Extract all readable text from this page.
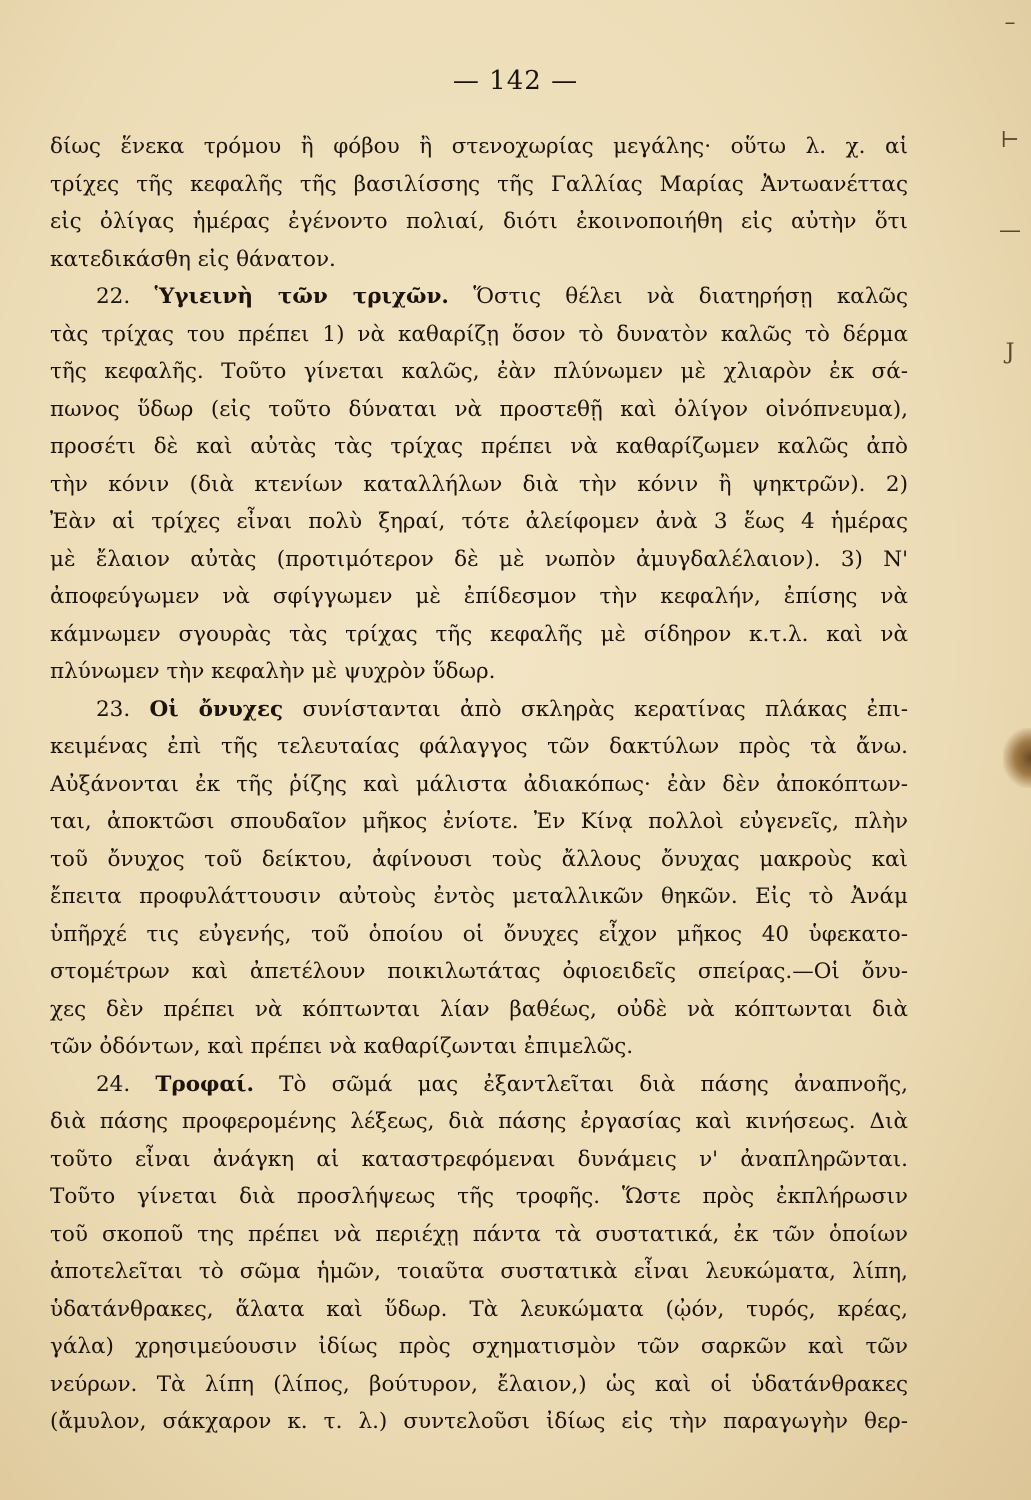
–
⊢
—
J
— 142 —
δίως ἕνεκα τρόμου ἢ φόβου ἢ στενοχωρίας μεγάλης· οὕτω λ. χ. αἱ
τρίχες τῆς κεφαλῆς τῆς βασιλίσσης τῆς Γαλλίας Μαρίας Ἀντωανέττας
εἰς ὀλίγας ἡμέρας ἐγένοντο πολιαί, διότι ἐκοινοποιήθη εἰς αὐτὴν ὅτι
κατεδικάσθη εἰς θάνατον.
22. Ὑγιεινὴ τῶν τριχῶν. Ὅστις θέλει νὰ διατηρήσῃ καλῶς
τὰς τρίχας του πρέπει 1) νὰ καθαρίζῃ ὅσον τὸ δυνατὸν καλῶς τὸ δέρμα
τῆς κεφαλῆς. Τοῦτο γίνεται καλῶς, ἐὰν πλύνωμεν μὲ χλιαρὸν ἐκ σά-
πωνος ὕδωρ (εἰς τοῦτο δύναται νὰ προστεθῇ καὶ ὀλίγον οἰνόπνευμα),
προσέτι δὲ καὶ αὐτὰς τὰς τρίχας πρέπει νὰ καθαρίζωμεν καλῶς ἀπὸ
τὴν κόνιν (διὰ κτενίων καταλλήλων διὰ τὴν κόνιν ἢ ψηκτρῶν). 2)
Ἐὰν αἱ τρίχες εἶναι πολὺ ξηραί, τότε ἀλείφομεν ἀνὰ 3 ἕως 4 ἡμέρας
μὲ ἔλαιον αὐτὰς (προτιμότερον δὲ μὲ νωπὸν ἀμυγδαλέλαιον). 3) Ν'
ἀποφεύγωμεν νὰ σφίγγωμεν μὲ ἐπίδεσμον τὴν κεφαλήν, ἐπίσης νὰ
κάμνωμεν σγουρὰς τὰς τρίχας τῆς κεφαλῆς μὲ σίδηρον κ.τ.λ. καὶ νὰ
πλύνωμεν τὴν κεφαλὴν μὲ ψυχρὸν ὕδωρ.
23. Οἱ ὄνυχες συνίστανται ἀπὸ σκληρὰς κερατίνας πλάκας ἐπι-
κειμένας ἐπὶ τῆς τελευταίας φάλαγγος τῶν δακτύλων πρὸς τὰ ἄνω.
Αὐξάνονται ἐκ τῆς ῥίζης καὶ μάλιστα ἀδιακόπως· ἐὰν δὲν ἀποκόπτων-
ται, ἀποκτῶσι σπουδαῖον μῆκος ἐνίοτε. Ἐν Κίνᾳ πολλοὶ εὐγενεῖς, πλὴν
τοῦ ὄνυχος τοῦ δείκτου, ἀφίνουσι τοὺς ἄλλους ὄνυχας μακροὺς καὶ
ἔπειτα προφυλάττουσιν αὐτοὺς ἐντὸς μεταλλικῶν θηκῶν. Εἰς τὸ Ἀνάμ
ὑπῆρχέ τις εὐγενής, τοῦ ὁποίου οἱ ὄνυχες εἶχον μῆκος 40 ὑφεκατο-
στομέτρων καὶ ἀπετέλουν ποικιλωτάτας ὀφιοειδεῖς σπείρας.—Οἱ ὄνυ-
χες δὲν πρέπει νὰ κόπτωνται λίαν βαθέως, οὐδὲ νὰ κόπτωνται διὰ
τῶν ὀδόντων, καὶ πρέπει νὰ καθαρίζωνται ἐπιμελῶς.
24. Τροφαί. Τὸ σῶμά μας ἐξαντλεῖται διὰ πάσης ἀναπνοῆς,
διὰ πάσης προφερομένης λέξεως, διὰ πάσης ἐργασίας καὶ κινήσεως. Διὰ
τοῦτο εἶναι ἀνάγκη αἱ καταστρεφόμεναι δυνάμεις ν' ἀναπληρῶνται.
Τοῦτο γίνεται διὰ προσλήψεως τῆς τροφῆς. Ὥστε πρὸς ἐκπλήρωσιν
τοῦ σκοποῦ της πρέπει νὰ περιέχῃ πάντα τὰ συστατικά, ἐκ τῶν ὁποίων
ἀποτελεῖται τὸ σῶμα ἡμῶν, τοιαῦτα συστατικὰ εἶναι λευκώματα, λίπη,
ὑδατάνθρακες, ἅλατα καὶ ὕδωρ. Τὰ λευκώματα (ᾠόν, τυρός, κρέας,
γάλα) χρησιμεύουσιν ἰδίως πρὸς σχηματισμὸν τῶν σαρκῶν καὶ τῶν
νεύρων. Τὰ λίπη (λίπος, βούτυρον, ἔλαιον,) ὡς καὶ οἱ ὑδατάνθρακες
(ἄμυλον, σάκχαρον κ. τ. λ.) συντελοῦσι ἰδίως εἰς τὴν παραγωγὴν θερ-
